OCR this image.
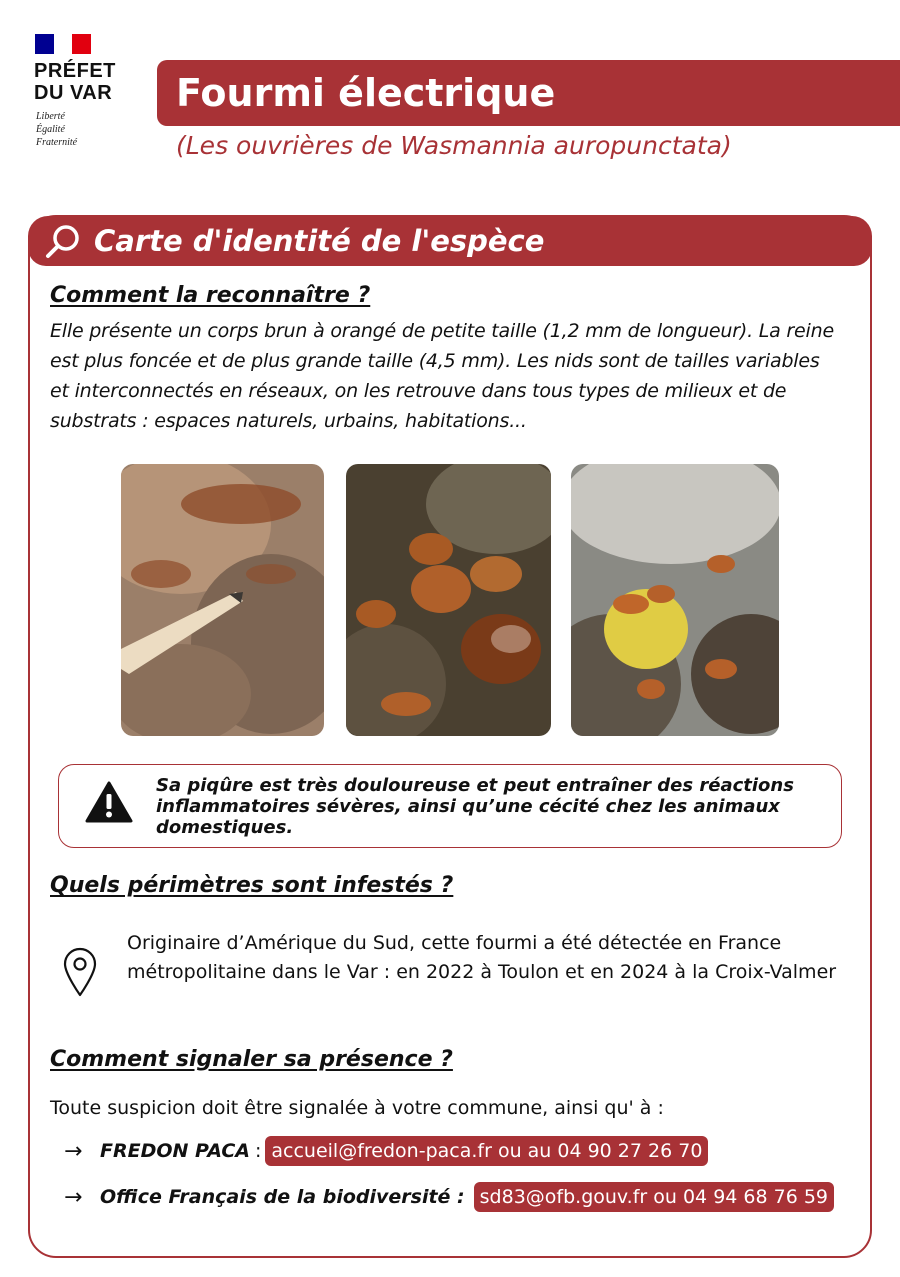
PRÉFET
DU VAR
Liberté
Égalité
Fraternité
Fourmi électrique
(Les ouvrières de Wasmannia auropunctata)
Carte d'identité de l'espèce
Comment la reconnaître ?
Elle présente un corps brun à orangé de petite taille (1,2 mm de longueur). La reine est plus foncée et de plus grande taille (4,5 mm). Les nids sont de tailles variables et interconnectés en réseaux, on les retrouve dans tous types de milieux et de substrats : espaces naturels, urbains, habitations...
Sa piqûre est très douloureuse et peut entraîner des réactions inflammatoires sévères, ainsi qu’une cécité chez les animaux domestiques.
Quels périmètres sont infestés ?
Originaire d’Amérique du Sud, cette fourmi a été détectée en France métropolitaine dans le Var : en 2022 à Toulon et en 2024 à la Croix-Valmer
Comment signaler sa présence ?
Toute suspicion doit être signalée à votre commune, ainsi qu' à :
→ FREDON PACA : accueil@fredon-paca.fr ou au 04 90 27 26 70
→ Office Français de la biodiversité : sd83@ofb.gouv.fr ou 04 94 68 76 59
